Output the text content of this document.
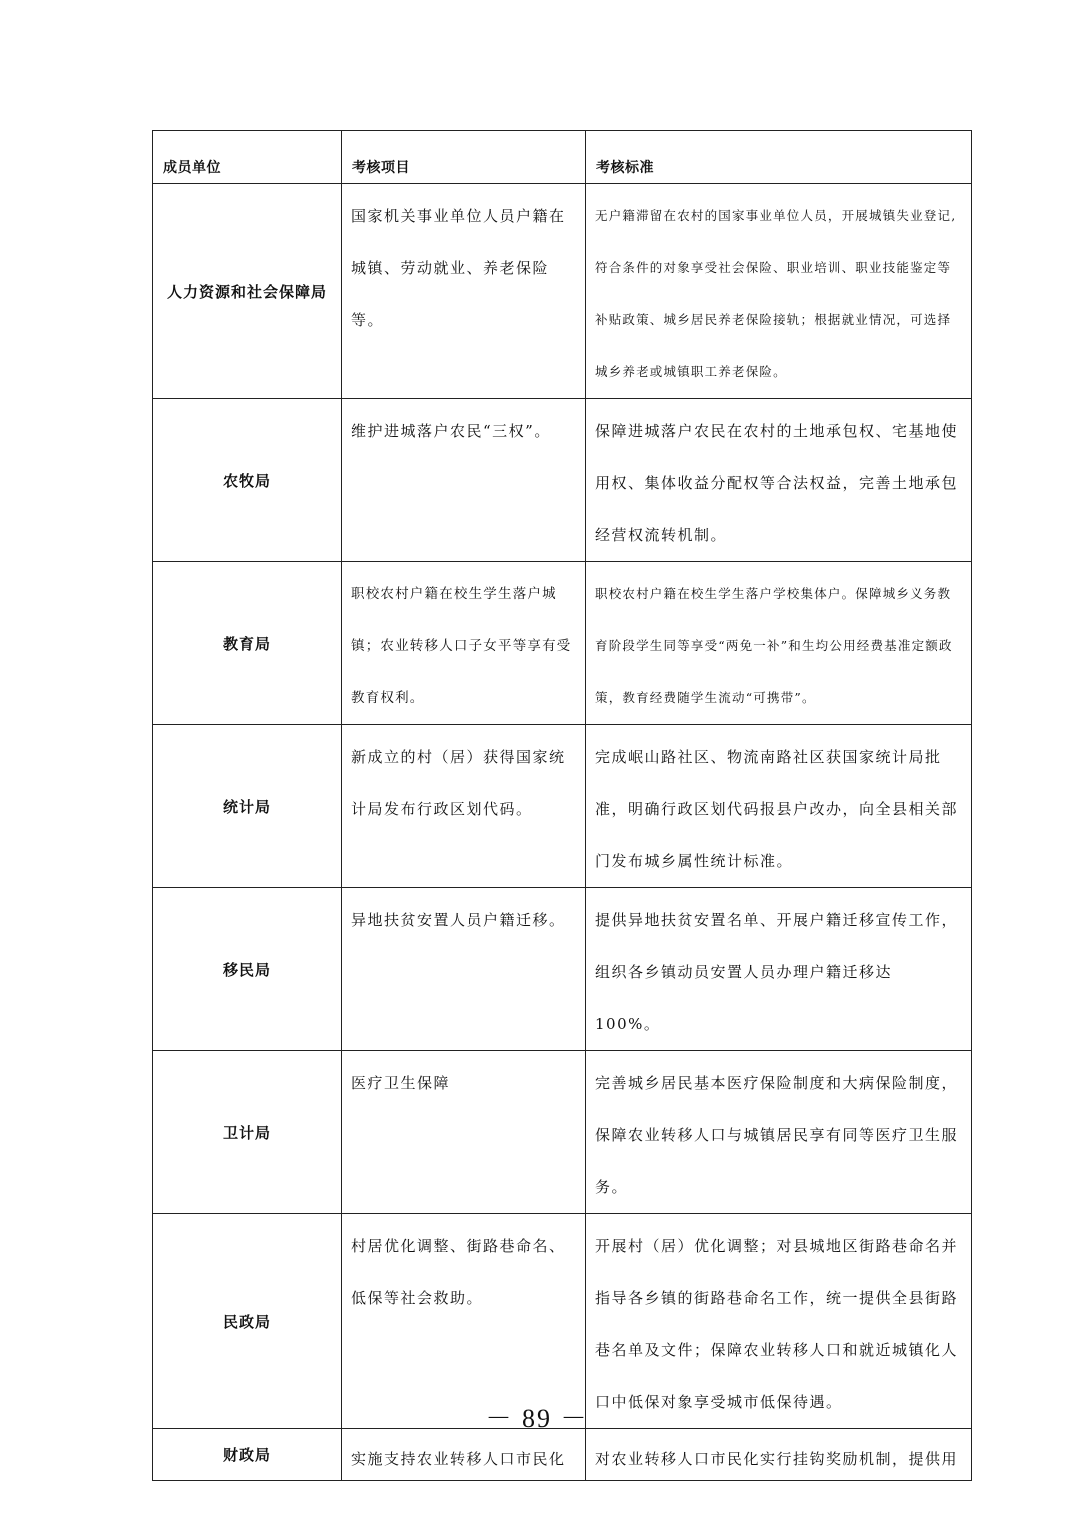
成员单位	考核项目	考核标准

人力资源和社会保障局	国家机关事业单位人员户籍在城镇、劳动就业、养老保险等。	无户籍滞留在农村的国家事业单位人员，开展城镇失业登记,符合条件的对象享受社会保险、职业培训、职业技能鉴定等补贴政策、城乡居民养老保险接轨；根据就业情况，可选择城乡养老或城镇职工养老保险。

农牧局	维护进城落户农民“三权”。	保障进城落户农民在农村的土地承包权、宅基地使用权、集体收益分配权等合法权益，完善土地承包经营权流转机制。

教育局	职校农村户籍在校生学生落户城镇；农业转移人口子女平等享有受教育权利。	职校农村户籍在校生学生落户学校集体户。保障城乡义务教育阶段学生同等享受“两免一补”和生均公用经费基准定额政策，教育经费随学生流动“可携带”。

统计局	新成立的村（居）获得国家统计局发布行政区划代码。	完成岷山路社区、物流南路社区获国家统计局批准，明确行政区划代码报县户改办，向全县相关部门发布城乡属性统计标准。

移民局	异地扶贫安置人员户籍迁移。	提供异地扶贫安置名单、开展户籍迁移宣传工作，组织各乡镇动员安置人员办理户籍迁移达 100%。

卫计局	医疗卫生保障	完善城乡居民基本医疗保险制度和大病保险制度，保障农业转移人口与城镇居民享有同等医疗卫生服务。

民政局	村居优化调整、街路巷命名、低保等社会救助。	开展村（居）优化调整；对县城地区街路巷命名并指导各乡镇的街路巷命名工作，统一提供全县街路巷名单及文件；保障农业转移人口和就近城镇化人口中低保对象享受城市低保待遇。

财政局	实施支持农业转移人口市民化	对农业转移人口市民化实行挂钩奖励机制，提供用
－ 89 －
